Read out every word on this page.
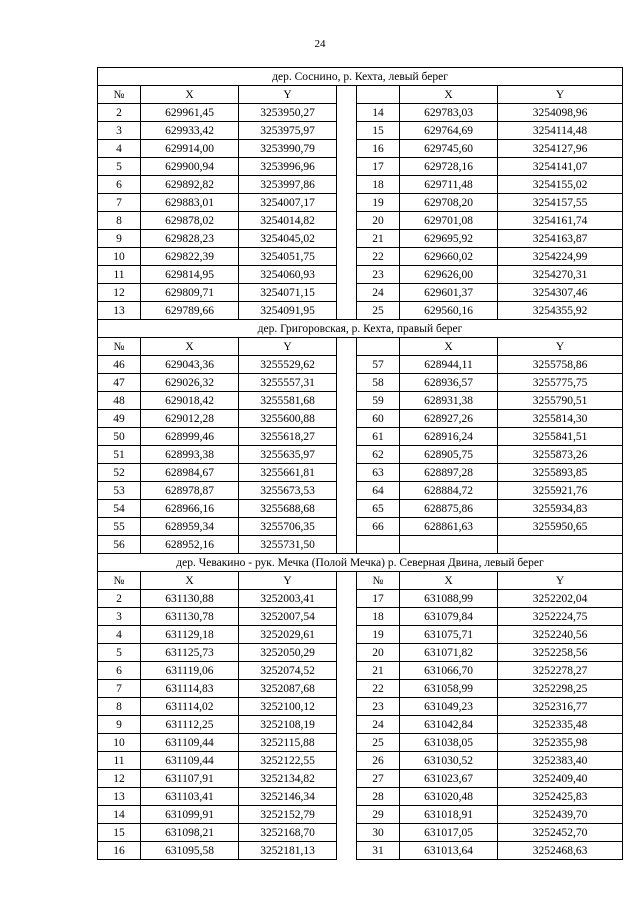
24
дер. Соснино, р. Кехта, левый берег						
№	X	Y			X	Y
2	629961,45	3253950,27		14	629783,03	3254098,96
3	629933,42	3253975,97		15	629764,69	3254114,48
4	629914,00	3253990,79		16	629745,60	3254127,96
5	629900,94	3253996,96		17	629728,16	3254141,07
6	629892,82	3253997,86		18	629711,48	3254155,02
7	629883,01	3254007,17		19	629708,20	3254157,55
8	629878,02	3254014,82		20	629701,08	3254161,74
9	629828,23	3254045,02		21	629695,92	3254163,87
10	629822,39	3254051,75		22	629660,02	3254224,99
11	629814,95	3254060,93		23	629626,00	3254270,31
12	629809,71	3254071,15		24	629601,37	3254307,46
13	629789,66	3254091,95		25	629560,16	3254355,92
дер. Григоровская, р. Кехта, правый берег						
№	X	Y			X	Y
46	629043,36	3255529,62		57	628944,11	3255758,86
47	629026,32	3255557,31		58	628936,57	3255775,75
48	629018,42	3255581,68		59	628931,38	3255790,51
49	629012,28	3255600,88		60	628927,26	3255814,30
50	628999,46	3255618,27		61	628916,24	3255841,51
51	628993,38	3255635,97		62	628905,75	3255873,26
52	628984,67	3255661,81		63	628897,28	3255893,85
53	628978,87	3255673,53		64	628884,72	3255921,76
54	628966,16	3255688,68		65	628875,86	3255934,83
55	628959,34	3255706,35		66	628861,63	3255950,65
56	628952,16	3255731,50				
дер. Чевакино - рук. Мечка (Полой Мечка) р. Северная Двина, левый берег						
№	X	Y		№	X	Y
2	631130,88	3252003,41		17	631088,99	3252202,04
3	631130,78	3252007,54		18	631079,84	3252224,75
4	631129,18	3252029,61		19	631075,71	3252240,56
5	631125,73	3252050,29		20	631071,82	3252258,56
6	631119,06	3252074,52		21	631066,70	3252278,27
7	631114,83	3252087,68		22	631058,99	3252298,25
8	631114,02	3252100,12		23	631049,23	3252316,77
9	631112,25	3252108,19		24	631042,84	3252335,48
10	631109,44	3252115,88		25	631038,05	3252355,98
11	631109,44	3252122,55		26	631030,52	3252383,40
12	631107,91	3252134,82		27	631023,67	3252409,40
13	631103,41	3252146,34		28	631020,48	3252425,83
14	631099,91	3252152,79		29	631018,91	3252439,70
15	631098,21	3252168,70		30	631017,05	3252452,70
16	631095,58	3252181,13		31	631013,64	3252468,63
